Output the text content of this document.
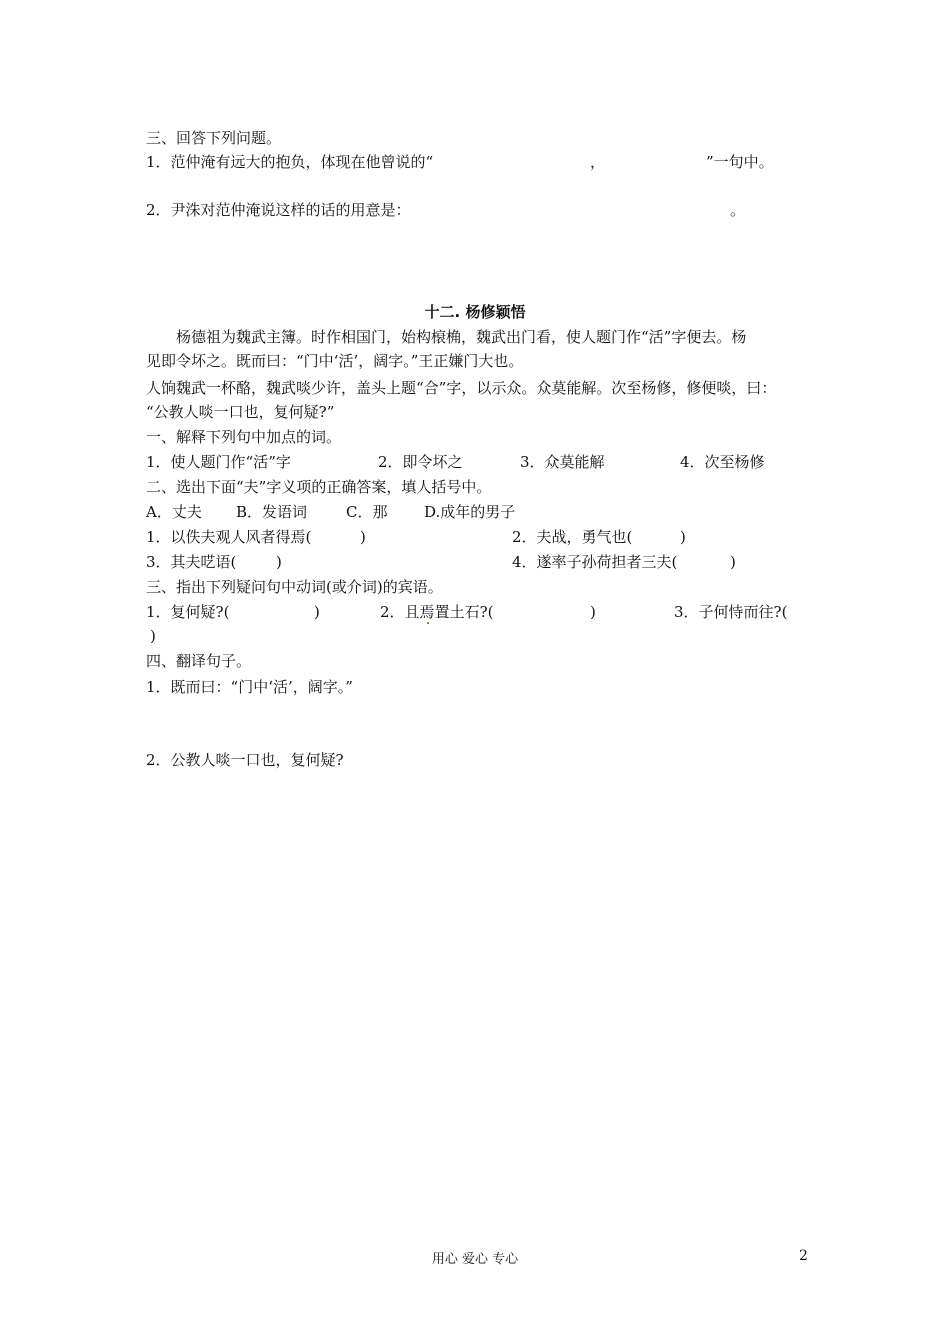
三、回答下列问题。
1．范仲淹有远大的抱负，体现在他曾说的“	，	”一句中。
2．尹洙对范仲淹说这样的话的用意是：	。
十二. 杨修颖悟
杨德祖为魏武主簿。时作相国门，始构榱桷，魏武出门看，使人题门作“活”字便去。杨
见即令坏之。既而曰：“门中‘活’，阔字。”王正嫌门大也。
人饷魏武一杯酪，魏武啖少许，盖头上题“合”字，以示众。众莫能解。次至杨修，修便啖，曰：
“公教人啖一口也，复何疑?”
一、解释下列句中加点的词。
1．使人题门作“活”字	2．即令坏之	3．众莫能解	4．次至杨修
二、选出下面“夫”字义项的正确答案，填人括号中。
A．丈夫 B．发语词	C．那 D.成年的男子
1．以佚夫观人风者得焉(	)	2．夫战，勇气也(	)
3．其夫呓语(	)	4．遂率子孙荷担者三夫(	)
三、指出下列疑问句中动词(或介词)的宾语。
1．复何疑?(	)	2．且焉置土石?(	)	3．子何恃而往?(
)
四、翻译句子。
1．既而曰：“门中‘活’，阔字。”
2．公教人啖一口也，复何疑?
用心 爱心 专心	2
